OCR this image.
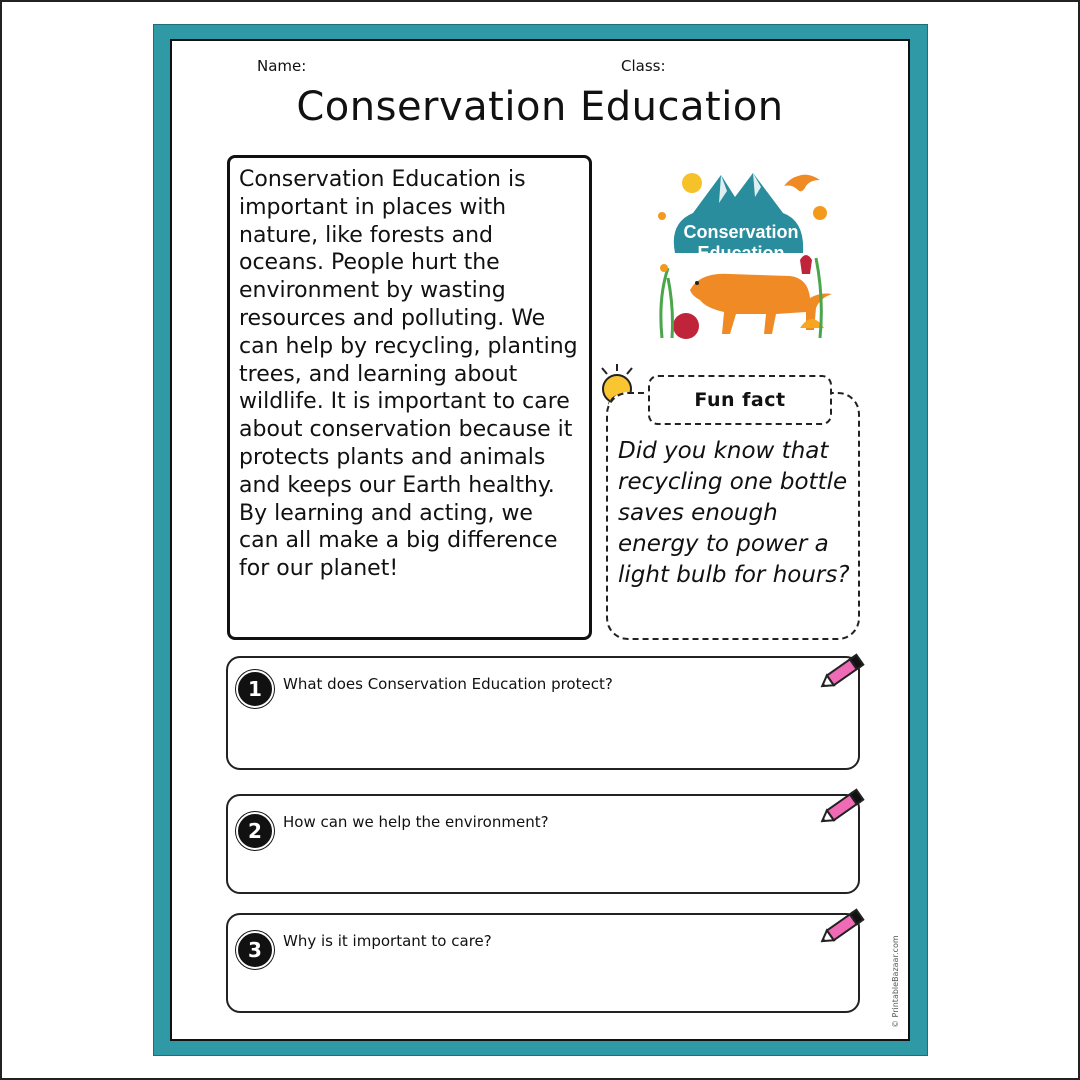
Name:	Class:
Conservation Education

Conservation Education is important in places with nature, like forests and oceans. People hurt the environment by wasting resources and polluting. We can help by recycling, planting trees, and learning about wildlife. It is important to care about conservation because it protects plants and animals and keeps our Earth healthy. By learning and acting, we can all make a big difference for our planet!

Conservation
Education
Fun fact

Did you know that recycling one bottle saves enough energy to power a light bulb for hours?

1	What does Conservation Education protect?
2	How can we help the environment?
3	Why is it important to care?	© PrintableBazaar.com
